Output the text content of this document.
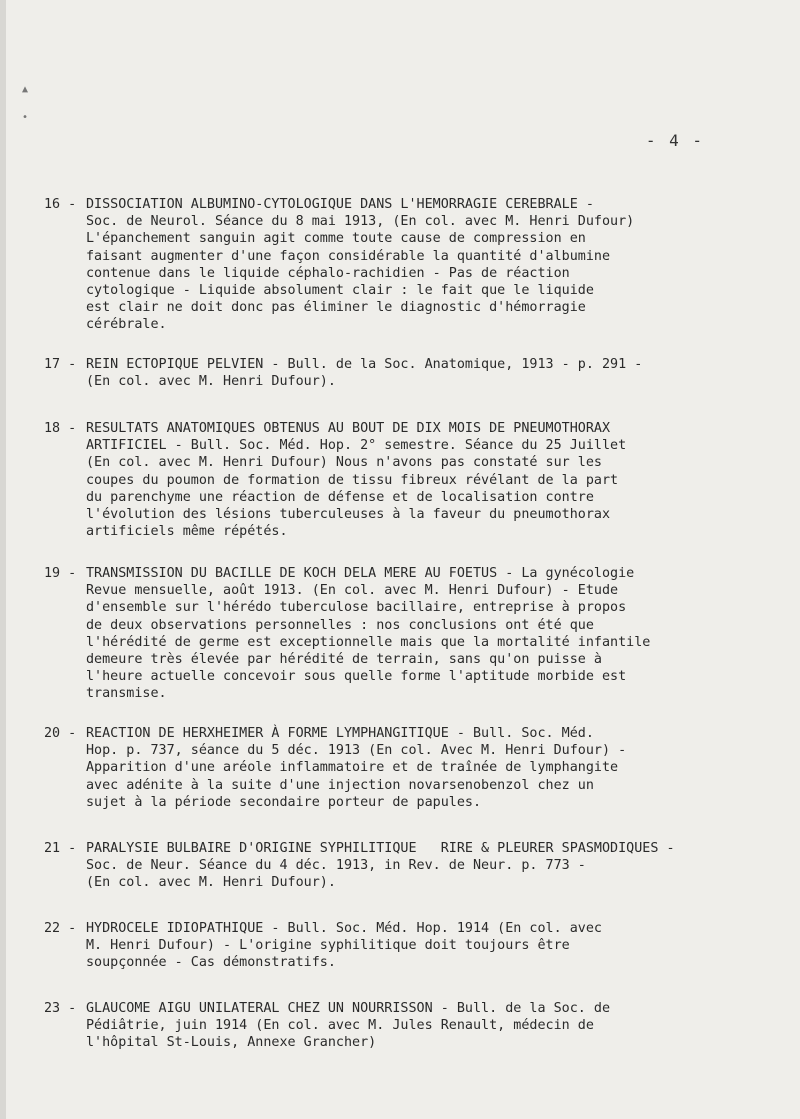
▲
•
- 4 -
16 - DISSOCIATION ALBUMINO-CYTOLOGIQUE DANS L'HEMORRAGIE CEREBRALE -
Soc. de Neurol. Séance du 8 mai 1913, (En col. avec M. Henri Dufour)
L'épanchement sanguin agit comme toute cause de compression en
faisant augmenter d'une façon considérable la quantité d'albumine
contenue dans le liquide céphalo-rachidien - Pas de réaction
cytologique - Liquide absolument clair : le fait que le liquide
est clair ne doit donc pas éliminer le diagnostic d'hémorragie
cérébrale.
17 - REIN ECTOPIQUE PELVIEN - Bull. de la Soc. Anatomique, 1913 - p. 291 -
(En col. avec M. Henri Dufour).
18 - RESULTATS ANATOMIQUES OBTENUS AU BOUT DE DIX MOIS DE PNEUMOTHORAX
ARTIFICIEL - Bull. Soc. Méd. Hop. 2° semestre. Séance du 25 Juillet
(En col. avec M. Henri Dufour) Nous n'avons pas constaté sur les
coupes du poumon de formation de tissu fibreux révélant de la part
du parenchyme une réaction de défense et de localisation contre
l'évolution des lésions tuberculeuses à la faveur du pneumothorax
artificiels même répétés.
19 - TRANSMISSION DU BACILLE DE KOCH DELA MERE AU FOETUS - La gynécologie
Revue mensuelle, août 1913. (En col. avec M. Henri Dufour) - Etude
d'ensemble sur l'hérédo tuberculose bacillaire, entreprise à propos
de deux observations personnelles : nos conclusions ont été que
l'hérédité de germe est exceptionnelle mais que la mortalité infantile
demeure très élevée par hérédité de terrain, sans qu'on puisse à
l'heure actuelle concevoir sous quelle forme l'aptitude morbide est
transmise.
20 - REACTION DE HERXHEIMER À FORME LYMPHANGITIQUE - Bull. Soc. Méd.
Hop. p. 737, séance du 5 déc. 1913 (En col. Avec M. Henri Dufour) -
Apparition d'une aréole inflammatoire et de traînée de lymphangite
avec adénite à la suite d'une injection novarsenobenzol chez un
sujet à la période secondaire porteur de papules.
21 - PARALYSIE BULBAIRE D'ORIGINE SYPHILITIQUE   RIRE & PLEURER SPASMODIQUES -
Soc. de Neur. Séance du 4 déc. 1913, in Rev. de Neur. p. 773 -
(En col. avec M. Henri Dufour).
22 - HYDROCELE IDIOPATHIQUE - Bull. Soc. Méd. Hop. 1914 (En col. avec
M. Henri Dufour) - L'origine syphilitique doit toujours être
soupçonnée - Cas démonstratifs.
23 - GLAUCOME AIGU UNILATERAL CHEZ UN NOURRISSON - Bull. de la Soc. de
Pédiâtrie, juin 1914 (En col. avec M. Jules Renault, médecin de
l'hôpital St-Louis, Annexe Grancher)
